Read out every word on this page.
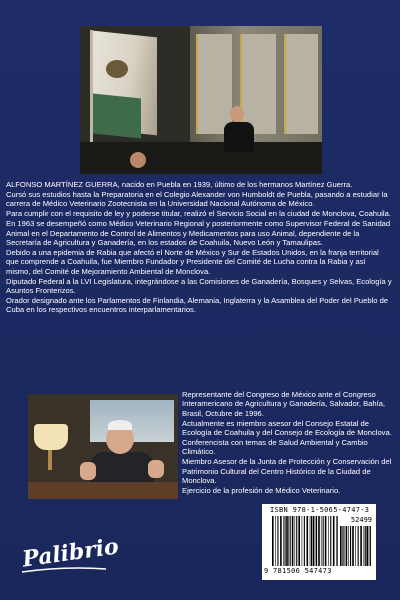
ALFONSO MARTÍNEZ GUERRA, nacido en Puebla en 1939, último de los hermanos Martínez Guerra.

Cursó sus estudios hasta la Preparatoria en el Colegio Alexander von Humboldt de Puebla, pasando a estudiar la carrera de Médico Veterinario Zootecnista en la Universidad Nacional Autónoma de México.

Para cumplir con el requisito de ley y poderse titular, realizó el Servicio Social en la ciudad de Monclova, Coahuila.

En 1963 se desempeñó como Médico Veterinario Regional y posteriormente como Supervisor Federal de Sanidad Animal en el Departamento de Control de Alimentos y Medicamentos para uso Animal, dependiente de la Secretaría de Agricultura y Ganadería, en los estados de Coahuila, Nuevo León y Tamaulipas.

Debido a una epidemia de Rabia que afectó el Norte de México y Sur de Estados Unidos, en la franja territorial que comprende a Coahuila, fue Miembro Fundador y Presidente del Comité de Lucha contra la Rabia y así mismo, del Comité de Mejoramiento Ambiental de Monclova.

Diputado Federal a la LVI Legislatura, integrándose a las Comisiones de Ganadería, Bosques y Selvas, Ecología y Asuntos Fronterizos.

Orador designado ante los Parlamentos de Finlandia, Alemania, Inglaterra y la Asamblea del Poder del Pueblo de Cuba en los respectivos encuentros interparlamentarios.

Representante del Congreso de México ante el Congreso Interamericano de Agricultura y Ganadería, Salvador, Bahía, Brasil, Octubre de 1996.

Actualmente es miembro asesor del Consejo Estatal de Ecología de Coahuila y del Consejo de Ecología de Monclova.

Conferencista con temas de Salud Ambiental y Cambio Climático.

Miembro Asesor de la Junta de Protección y Conservación del Patrimonio Cultural del Centro Histórico de la Ciudad de Monclova.

Ejercicio de la profesión de Médico Veterinario.

ISBN 978-1-5065-4747-3
52499
9 781506 547473
Palibrio
